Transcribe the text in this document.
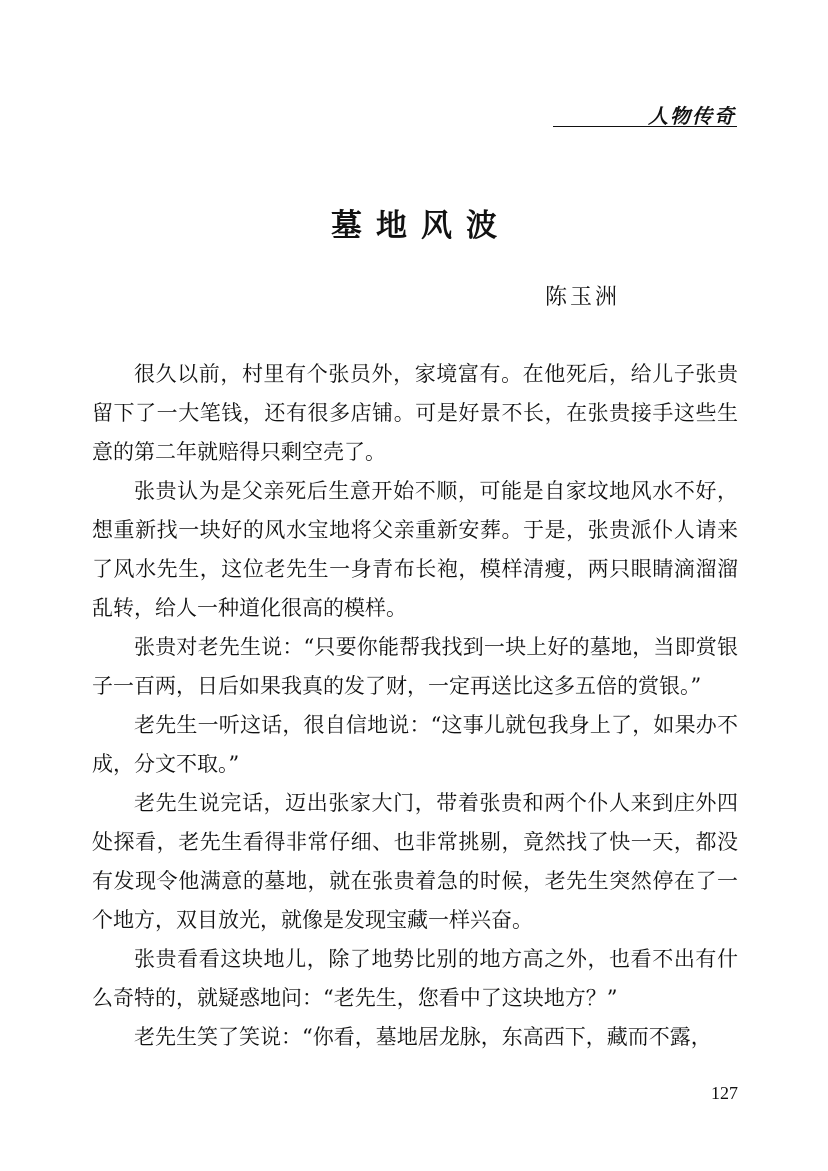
人物传奇
墓地风波
陈玉洲

很久以前，村里有个张员外，家境富有。在他死后，给儿子张贵留下了一大笔钱，还有很多店铺。可是好景不长，在张贵接手这些生意的第二年就赔得只剩空壳了。

张贵认为是父亲死后生意开始不顺，可能是自家坟地风水不好，想重新找一块好的风水宝地将父亲重新安葬。于是，张贵派仆人请来了风水先生，这位老先生一身青布长袍，模样清瘦，两只眼睛滴溜溜乱转，给人一种道化很高的模样。

张贵对老先生说：“只要你能帮我找到一块上好的墓地，当即赏银子一百两，日后如果我真的发了财，一定再送比这多五倍的赏银。”

老先生一听这话，很自信地说：“这事儿就包我身上了，如果办不成，分文不取。”

老先生说完话，迈出张家大门，带着张贵和两个仆人来到庄外四处探看，老先生看得非常仔细、也非常挑剔，竟然找了快一天，都没有发现令他满意的墓地，就在张贵着急的时候，老先生突然停在了一个地方，双目放光，就像是发现宝藏一样兴奋。

张贵看看这块地儿，除了地势比别的地方高之外，也看不出有什么奇特的，就疑惑地问：“老先生，您看中了这块地方？”

老先生笑了笑说：“你看，墓地居龙脉，东高西下，藏而不露，

127
